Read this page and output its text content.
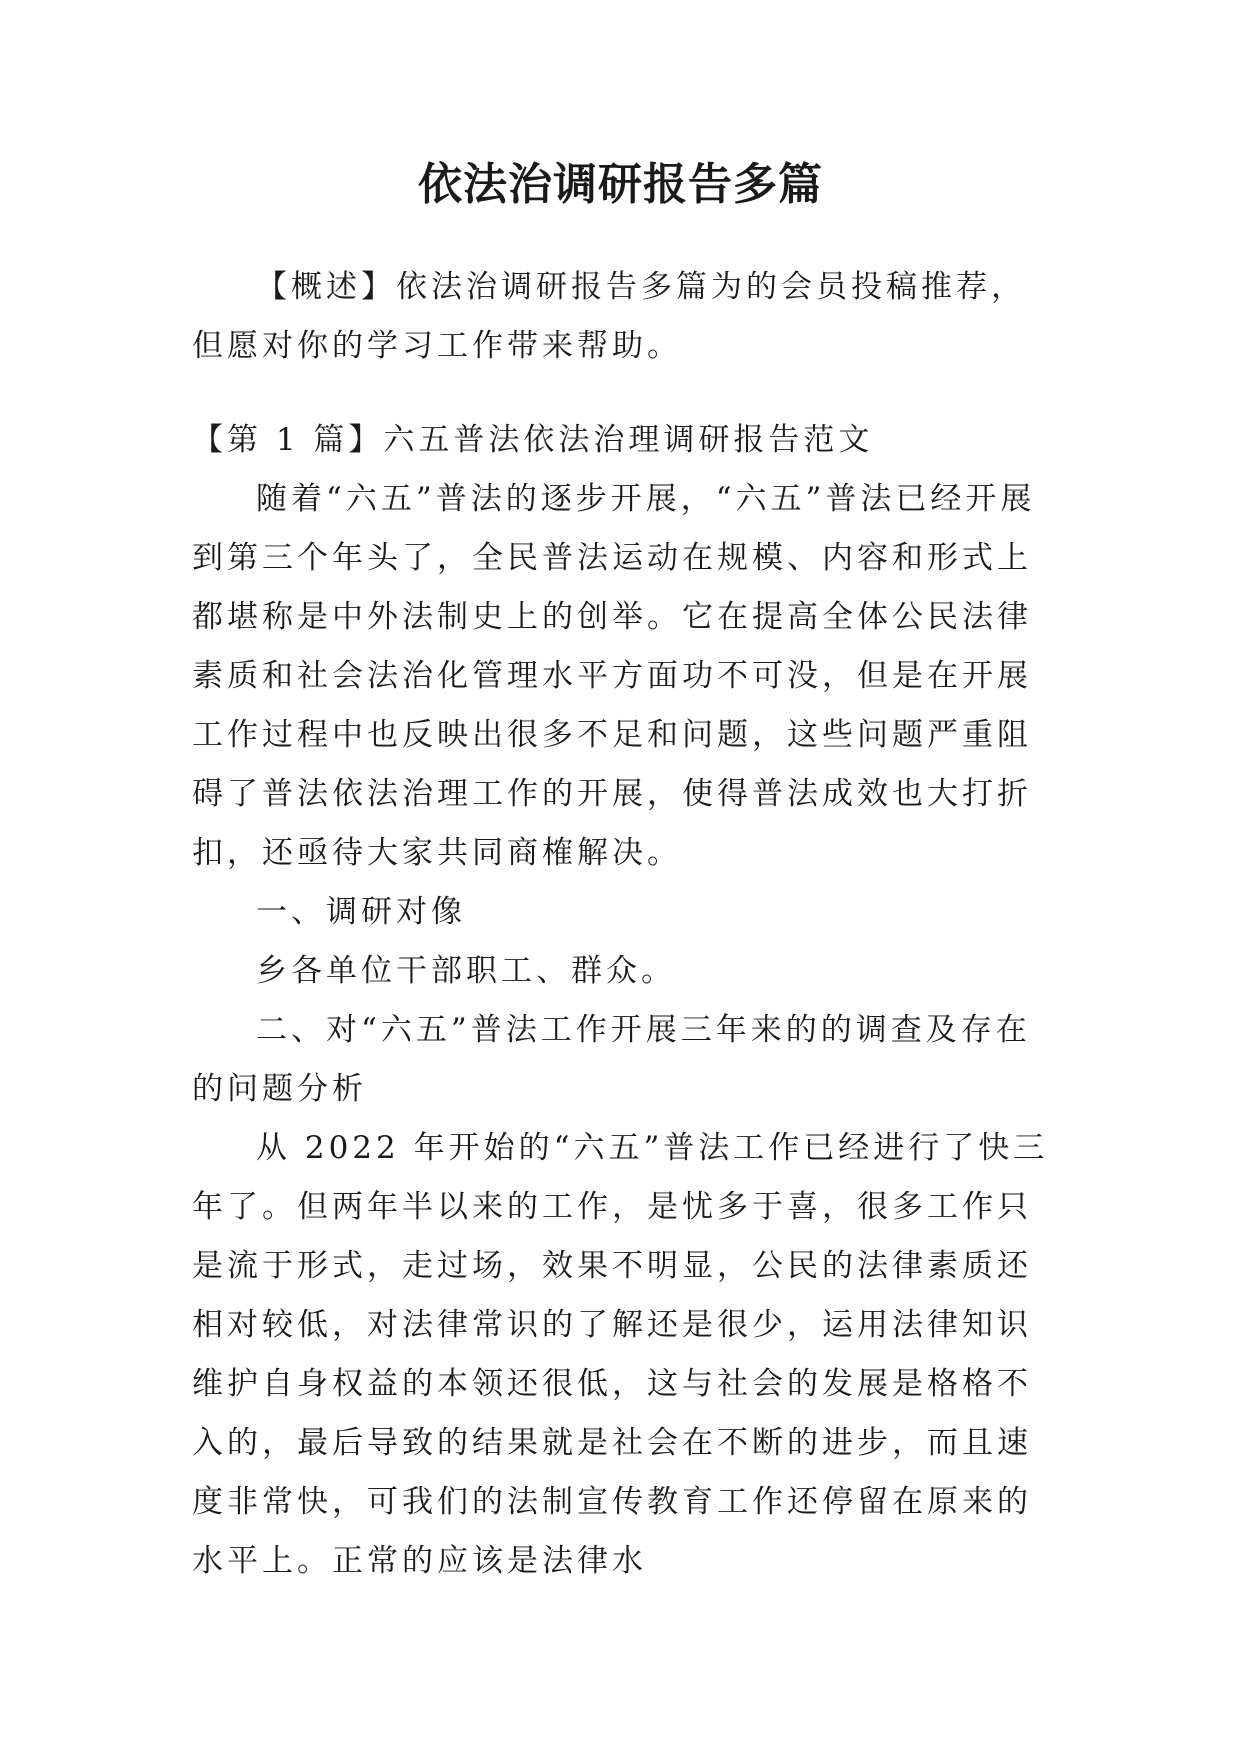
依法治调研报告多篇

【概述】依法治调研报告多篇为的会员投稿推荐，但愿对你的学习工作带来帮助。

【第 1 篇】六五普法依法治理调研报告范文

随着“六五”普法的逐步开展，“六五”普法已经开展到第三个年头了，全民普法运动在规模、内容和形式上都堪称是中外法制史上的创举。它在提高全体公民法律素质和社会法治化管理水平方面功不可没，但是在开展工作过程中也反映出很多不足和问题，这些问题严重阻碍了普法依法治理工作的开展，使得普法成效也大打折扣，还亟待大家共同商榷解决。

一、调研对像

乡各单位干部职工、群众。

二、对“六五”普法工作开展三年来的的调查及存在的问题分析

从 2022 年开始的“六五”普法工作已经进行了快三年了。但两年半以来的工作，是忧多于喜，很多工作只是流于形式，走过场，效果不明显，公民的法律素质还相对较低，对法律常识的了解还是很少，运用法律知识维护自身权益的本领还很低，这与社会的发展是格格不入的，最后导致的结果就是社会在不断的进步，而且速度非常快，可我们的法制宣传教育工作还停留在原来的水平上。正常的应该是法律水
